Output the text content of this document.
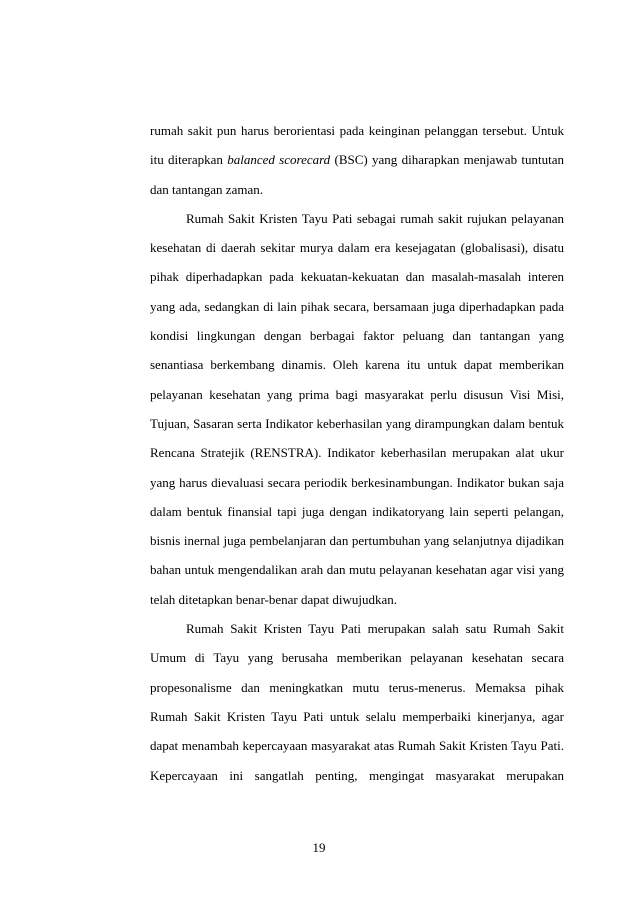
rumah sakit pun harus berorientasi pada keinginan pelanggan tersebut. Untuk
itu diterapkan balanced scorecard (BSC) yang diharapkan menjawab tuntutan
dan tantangan zaman.
Rumah Sakit Kristen Tayu Pati sebagai rumah sakit rujukan pelayanan
kesehatan di daerah sekitar murya dalam era kesejagatan (globalisasi), disatu
pihak diperhadapkan pada kekuatan-kekuatan dan masalah-masalah interen
yang ada, sedangkan di lain pihak secara, bersamaan juga diperhadapkan pada
kondisi lingkungan dengan berbagai faktor peluang dan tantangan yang
senantiasa berkembang dinamis. Oleh karena itu untuk dapat memberikan
pelayanan kesehatan yang prima bagi masyarakat perlu disusun Visi Misi,
Tujuan, Sasaran serta Indikator keberhasilan yang dirampungkan dalam bentuk
Rencana Stratejik (RENSTRA). Indikator keberhasilan merupakan alat ukur
yang harus dievaluasi secara periodik berkesinambungan. Indikator bukan saja
dalam bentuk finansial tapi juga dengan indikatoryang lain seperti pelangan,
bisnis inernal juga pembelanjaran dan pertumbuhan yang selanjutnya dijadikan
bahan untuk mengendalikan arah dan mutu pelayanan kesehatan agar visi yang
telah ditetapkan benar-benar dapat diwujudkan.
Rumah Sakit Kristen Tayu Pati merupakan salah satu Rumah Sakit
Umum di Tayu yang berusaha memberikan pelayanan kesehatan secara
propesonalisme dan meningkatkan mutu terus-menerus. Memaksa pihak
Rumah Sakit Kristen Tayu Pati untuk selalu memperbaiki kinerjanya, agar
dapat menambah kepercayaan masyarakat atas Rumah Sakit Kristen Tayu Pati.
Kepercayaan ini sangatlah penting, mengingat masyarakat merupakan
19
